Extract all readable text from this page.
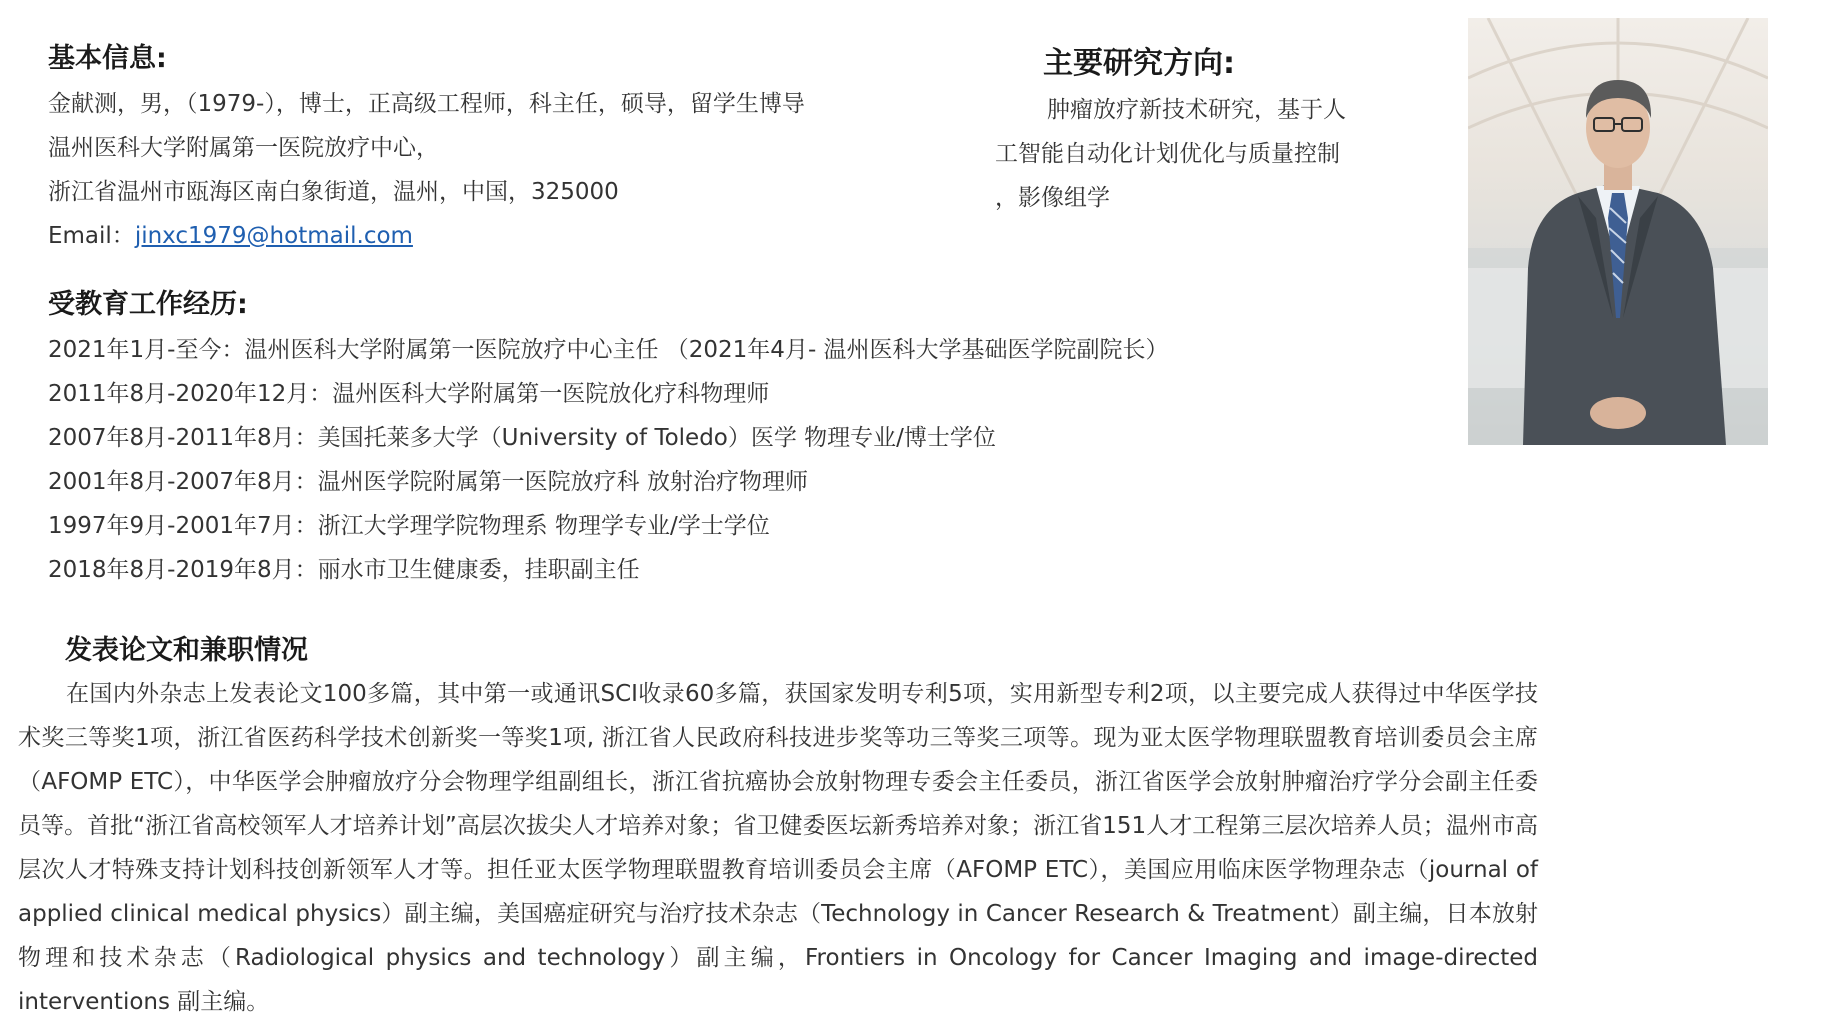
基本信息:
金献测，男，（1979-），博士，正高级工程师，科主任，硕导，留学生博导
温州医科大学附属第一医院放疗中心，
浙江省温州市瓯海区南白象街道，温州，中国，325000
Email：jinxc1979@hotmail.com
主要研究方向:
肿瘤放疗新技术研究，基于人
工智能自动化计划优化与质量控制
，影像组学
受教育工作经历:
2021年1月-至今：温州医科大学附属第一医院放疗中心主任 （2021年4月- 温州医科大学基础医学院副院长）
2011年8月-2020年12月：温州医科大学附属第一医院放化疗科物理师
2007年8月-2011年8月：美国托莱多大学（University of Toledo）医学 物理专业/博士学位
2001年8月-2007年8月：温州医学院附属第一医院放疗科 放射治疗物理师
1997年9月-2001年7月：浙江大学理学院物理系 物理学专业/学士学位
2018年8月-2019年8月：丽水市卫生健康委，挂职副主任
发表论文和兼职情况

在国内外杂志上发表论文100多篇，其中第一或通讯SCI收录60多篇，获国家发明专利5项，实用新型专利2项，以主要完成人获得过中华医学技术奖三等奖1项，浙江省医药科学技术创新奖一等奖1项, 浙江省人民政府科技进步奖等功三等奖三项等。现为亚太医学物理联盟教育培训委员会主席（AFOMP ETC），中华医学会肿瘤放疗分会物理学组副组长，浙江省抗癌协会放射物理专委会主任委员，浙江省医学会放射肿瘤治疗学分会副主任委员等。首批“浙江省高校领军人才培养计划”高层次拔尖人才培养对象；省卫健委医坛新秀培养对象；浙江省151人才工程第三层次培养人员；温州市高层次人才特殊支持计划科技创新领军人才等。担任亚太医学物理联盟教育培训委员会主席（AFOMP ETC），美国应用临床医学物理杂志（journal of applied clinical medical physics）副主编，美国癌症研究与治疗技术杂志（Technology in Cancer Research & Treatment）副主编，日本放射物理和技术杂志（Radiological physics and technology）副主编，Frontiers in Oncology for Cancer Imaging and image-directed interventions 副主编。
